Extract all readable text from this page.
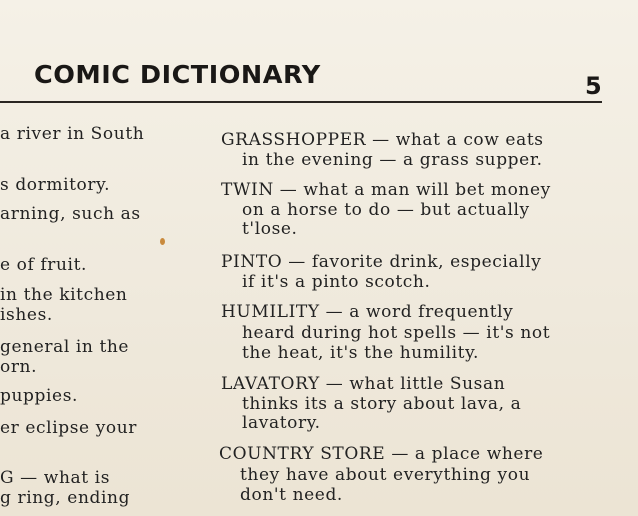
COMIC DICTIONARY	5
a river in South
s dormitory.
arning, such as
e of fruit.
in the kitchen
ishes.
general in the
orn.
puppies.
er eclipse your
G — what is
g ring, ending
GRASSHOPPER — what a cow eats
in the evening — a grass supper.
TWIN — what a man will bet money
on a horse to do — but actually
t'lose.
PINTO — favorite drink, especially
if it's a pinto scotch.
HUMILITY — a word frequently
heard during hot spells — it's not
the heat, it's the humility.
LAVATORY — what little Susan
thinks its a story about lava, a
lavatory.
COUNTRY STORE — a place where
they have about everything you
don't need.
